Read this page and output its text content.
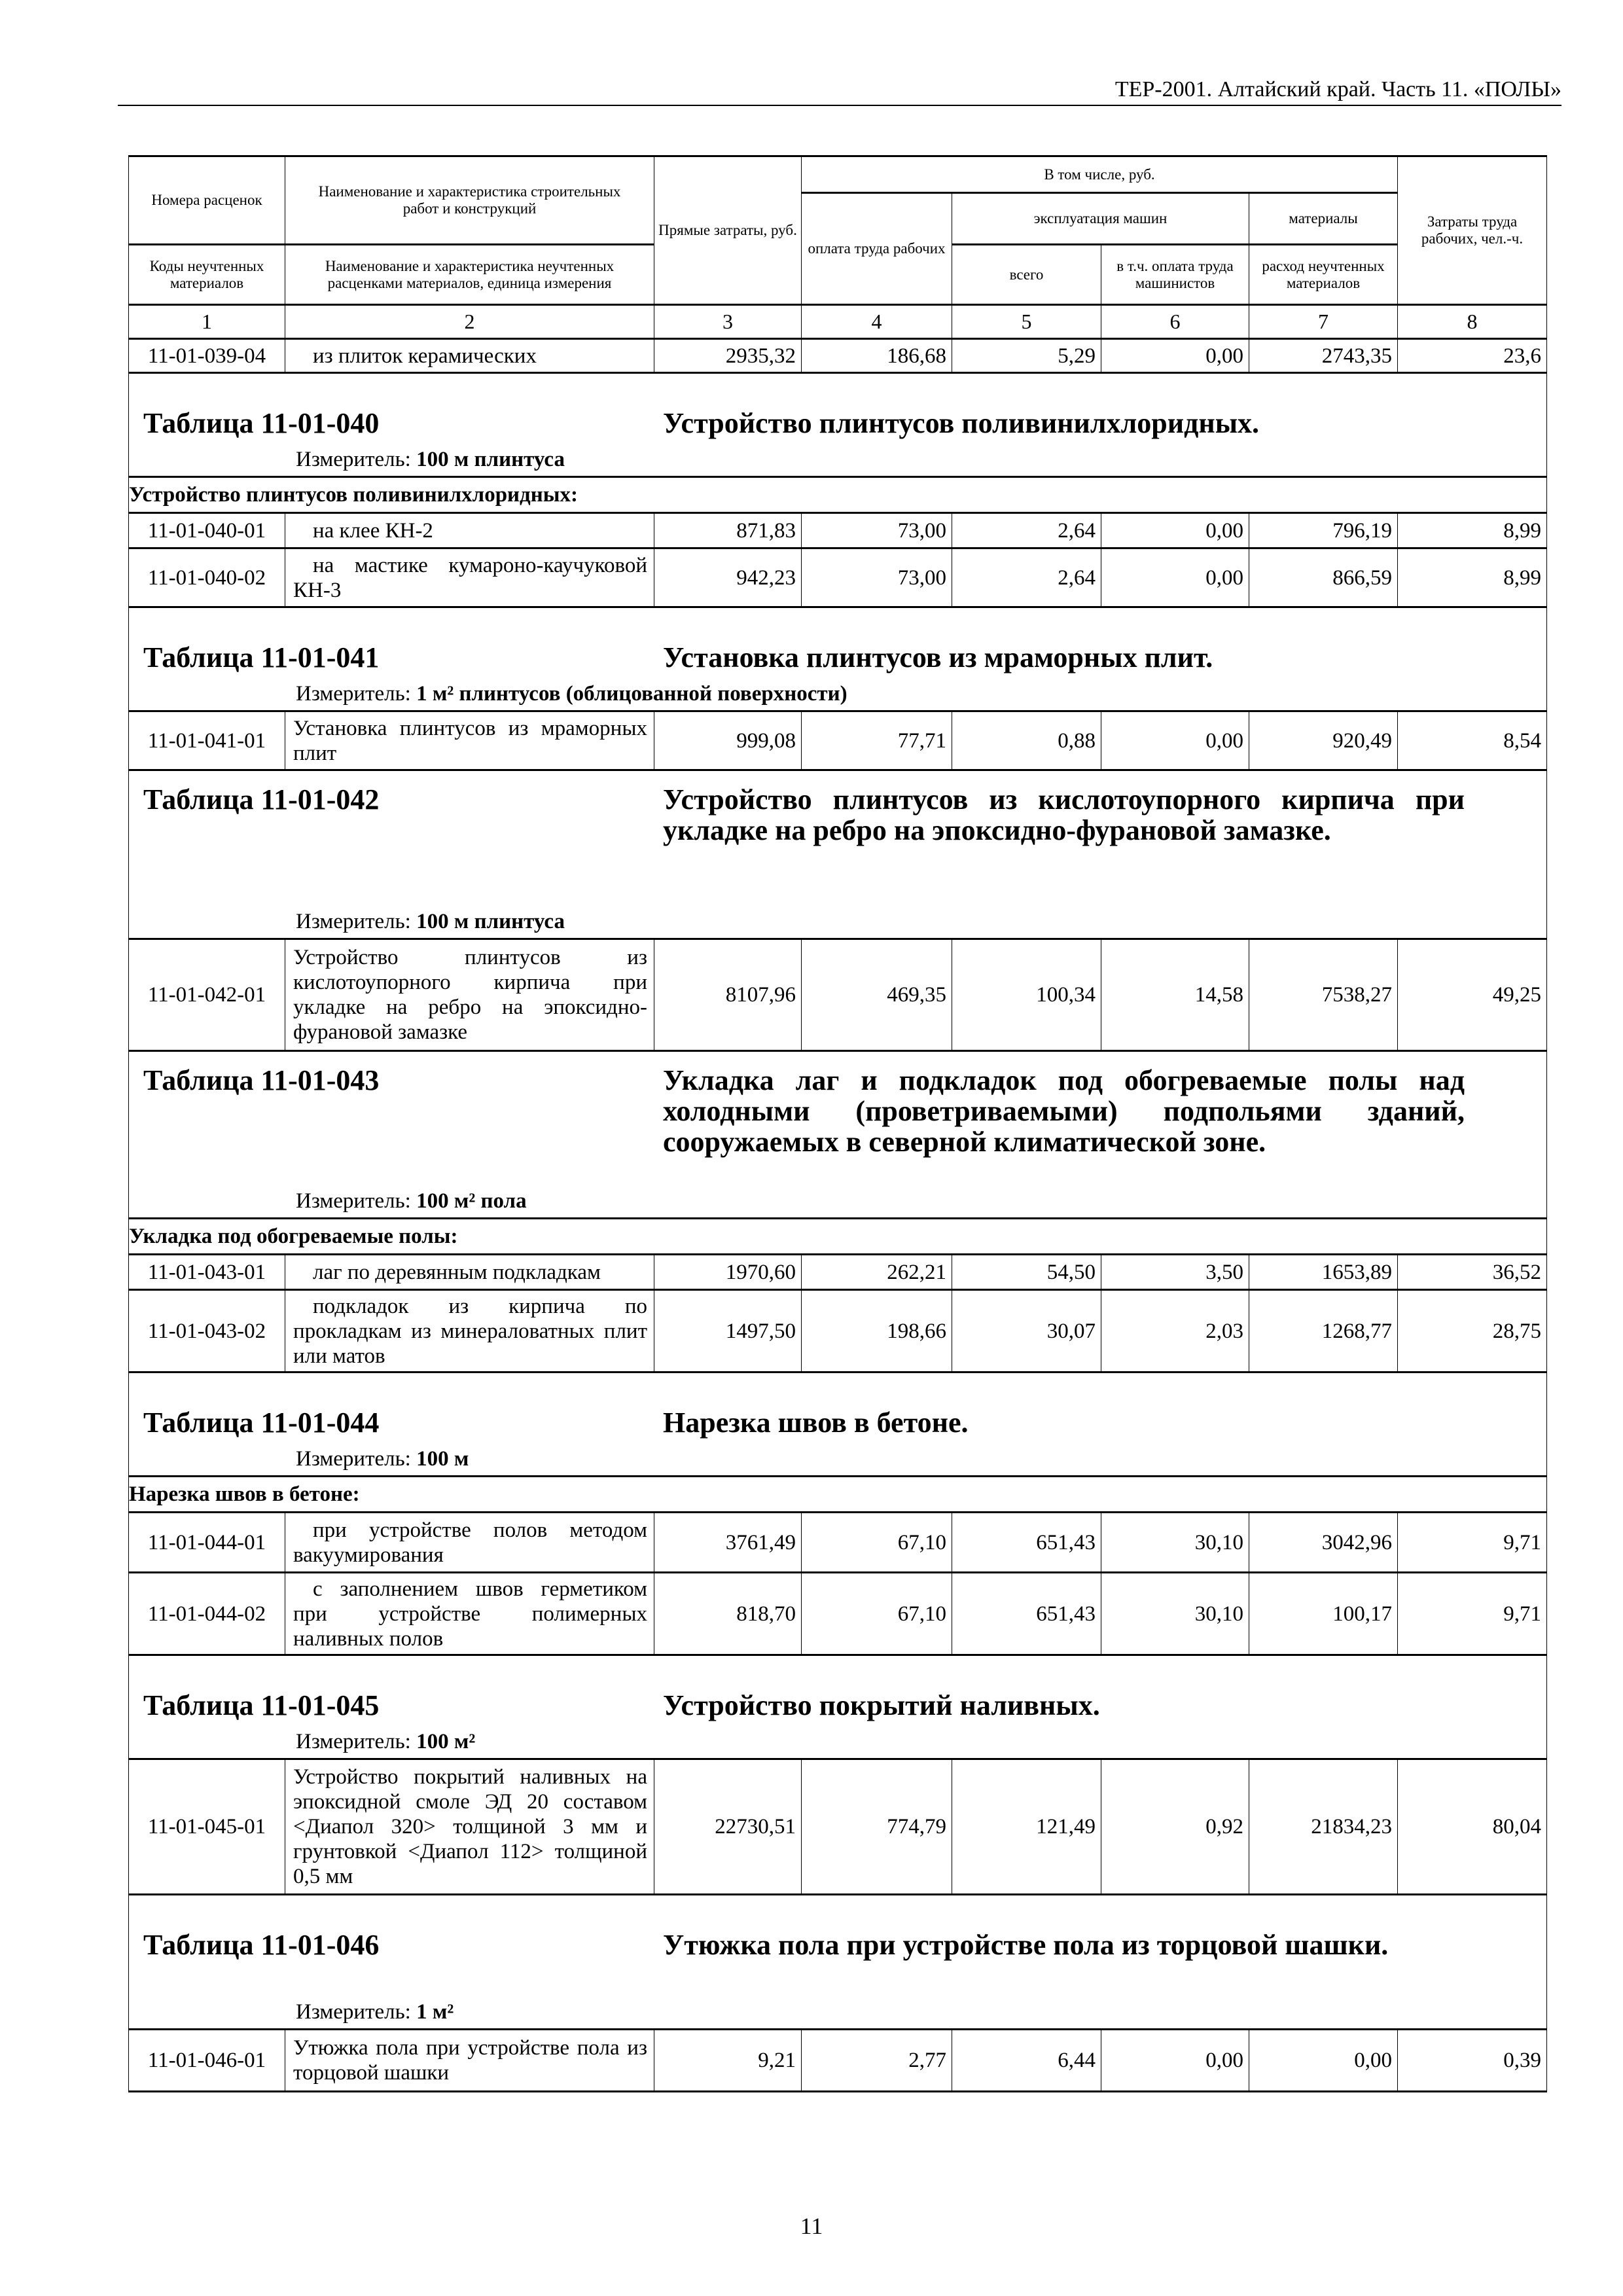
ТЕР-2001. Алтайский край. Часть 11. «ПОЛЫ»
Номера расценок	Наименование и характеристика строительных работ и конструкций	Прямые затраты, руб.	В том числе, руб.				Затраты труда рабочих, чел.-ч.
			оплата труда рабочих	эксплуатация машин		материалы	
Коды неучтенных материалов	Наименование и характеристика неучтенных расценками материалов, единица измерения			всего	в т.ч. оплата труда машинистов	расход неучтенных материалов	
1	2	3	4	5	6	7	8
11-01-039-04	из плиток керамических	2935,32	186,68	5,29	0,00	2743,35	23,6

Таблица 11-01-040 Устройство плинтусов поливинилхлоридных.
Измеритель: 100 м плинтуса							

Устройство плинтусов поливинилхлоридных:							
11-01-040-01	на клее КН-2	871,83	73,00	2,64	0,00	796,19	8,99
11-01-040-02	на мастике кумароно-каучуковой КН-3	942,23	73,00	2,64	0,00	866,59	8,99

Таблица 11-01-041 Установка плинтусов из мраморных плит.
Измеритель: 1 м² плинтусов (облицованной поверхности)							

11-01-041-01	Установка плинтусов из мраморных плит	999,08	77,71	0,88	0,00	920,49	8,54

Таблица 11-01-042 Устройство плинтусов из кислотоупорного кирпича при укладке на ребро на эпоксидно-фурановой замазке.
Измеритель: 100 м плинтуса							

11-01-042-01	Устройство плинтусов из кислотоупорного кирпича при укладке на ребро на эпоксидно-фурановой замазке	8107,96	469,35	100,34	14,58	7538,27	49,25

Таблица 11-01-043 Укладка лаг и подкладок под обогреваемые полы над холодными (проветриваемыми) подпольями зданий, сооружаемых в северной климатической зоне.
Измеритель: 100 м² пола							

Укладка под обогреваемые полы:							
11-01-043-01	лаг по деревянным подкладкам	1970,60	262,21	54,50	3,50	1653,89	36,52
11-01-043-02	подкладок из кирпича по прокладкам из минераловатных плит или матов	1497,50	198,66	30,07	2,03	1268,77	28,75

Таблица 11-01-044 Нарезка швов в бетоне.
Измеритель: 100 м							

Нарезка швов в бетоне:							
11-01-044-01	при устройстве полов методом вакуумирования	3761,49	67,10	651,43	30,10	3042,96	9,71
11-01-044-02	с заполнением швов герметиком при устройстве полимерных наливных полов	818,70	67,10	651,43	30,10	100,17	9,71

Таблица 11-01-045 Устройство покрытий наливных.
Измеритель: 100 м²							

11-01-045-01	Устройство покрытий наливных на эпоксидной смоле ЭД 20 составом <Диапол 320> толщиной 3 мм и грунтовкой <Диапол 112> толщиной 0,5 мм	22730,51	774,79	121,49	0,92	21834,23	80,04

Таблица 11-01-046 Утюжка пола при устройстве пола из торцовой шашки.
Измеритель: 1 м²							

11-01-046-01	Утюжка пола при устройстве пола из торцовой шашки	9,21	2,77	6,44	0,00	0,00	0,39
11
